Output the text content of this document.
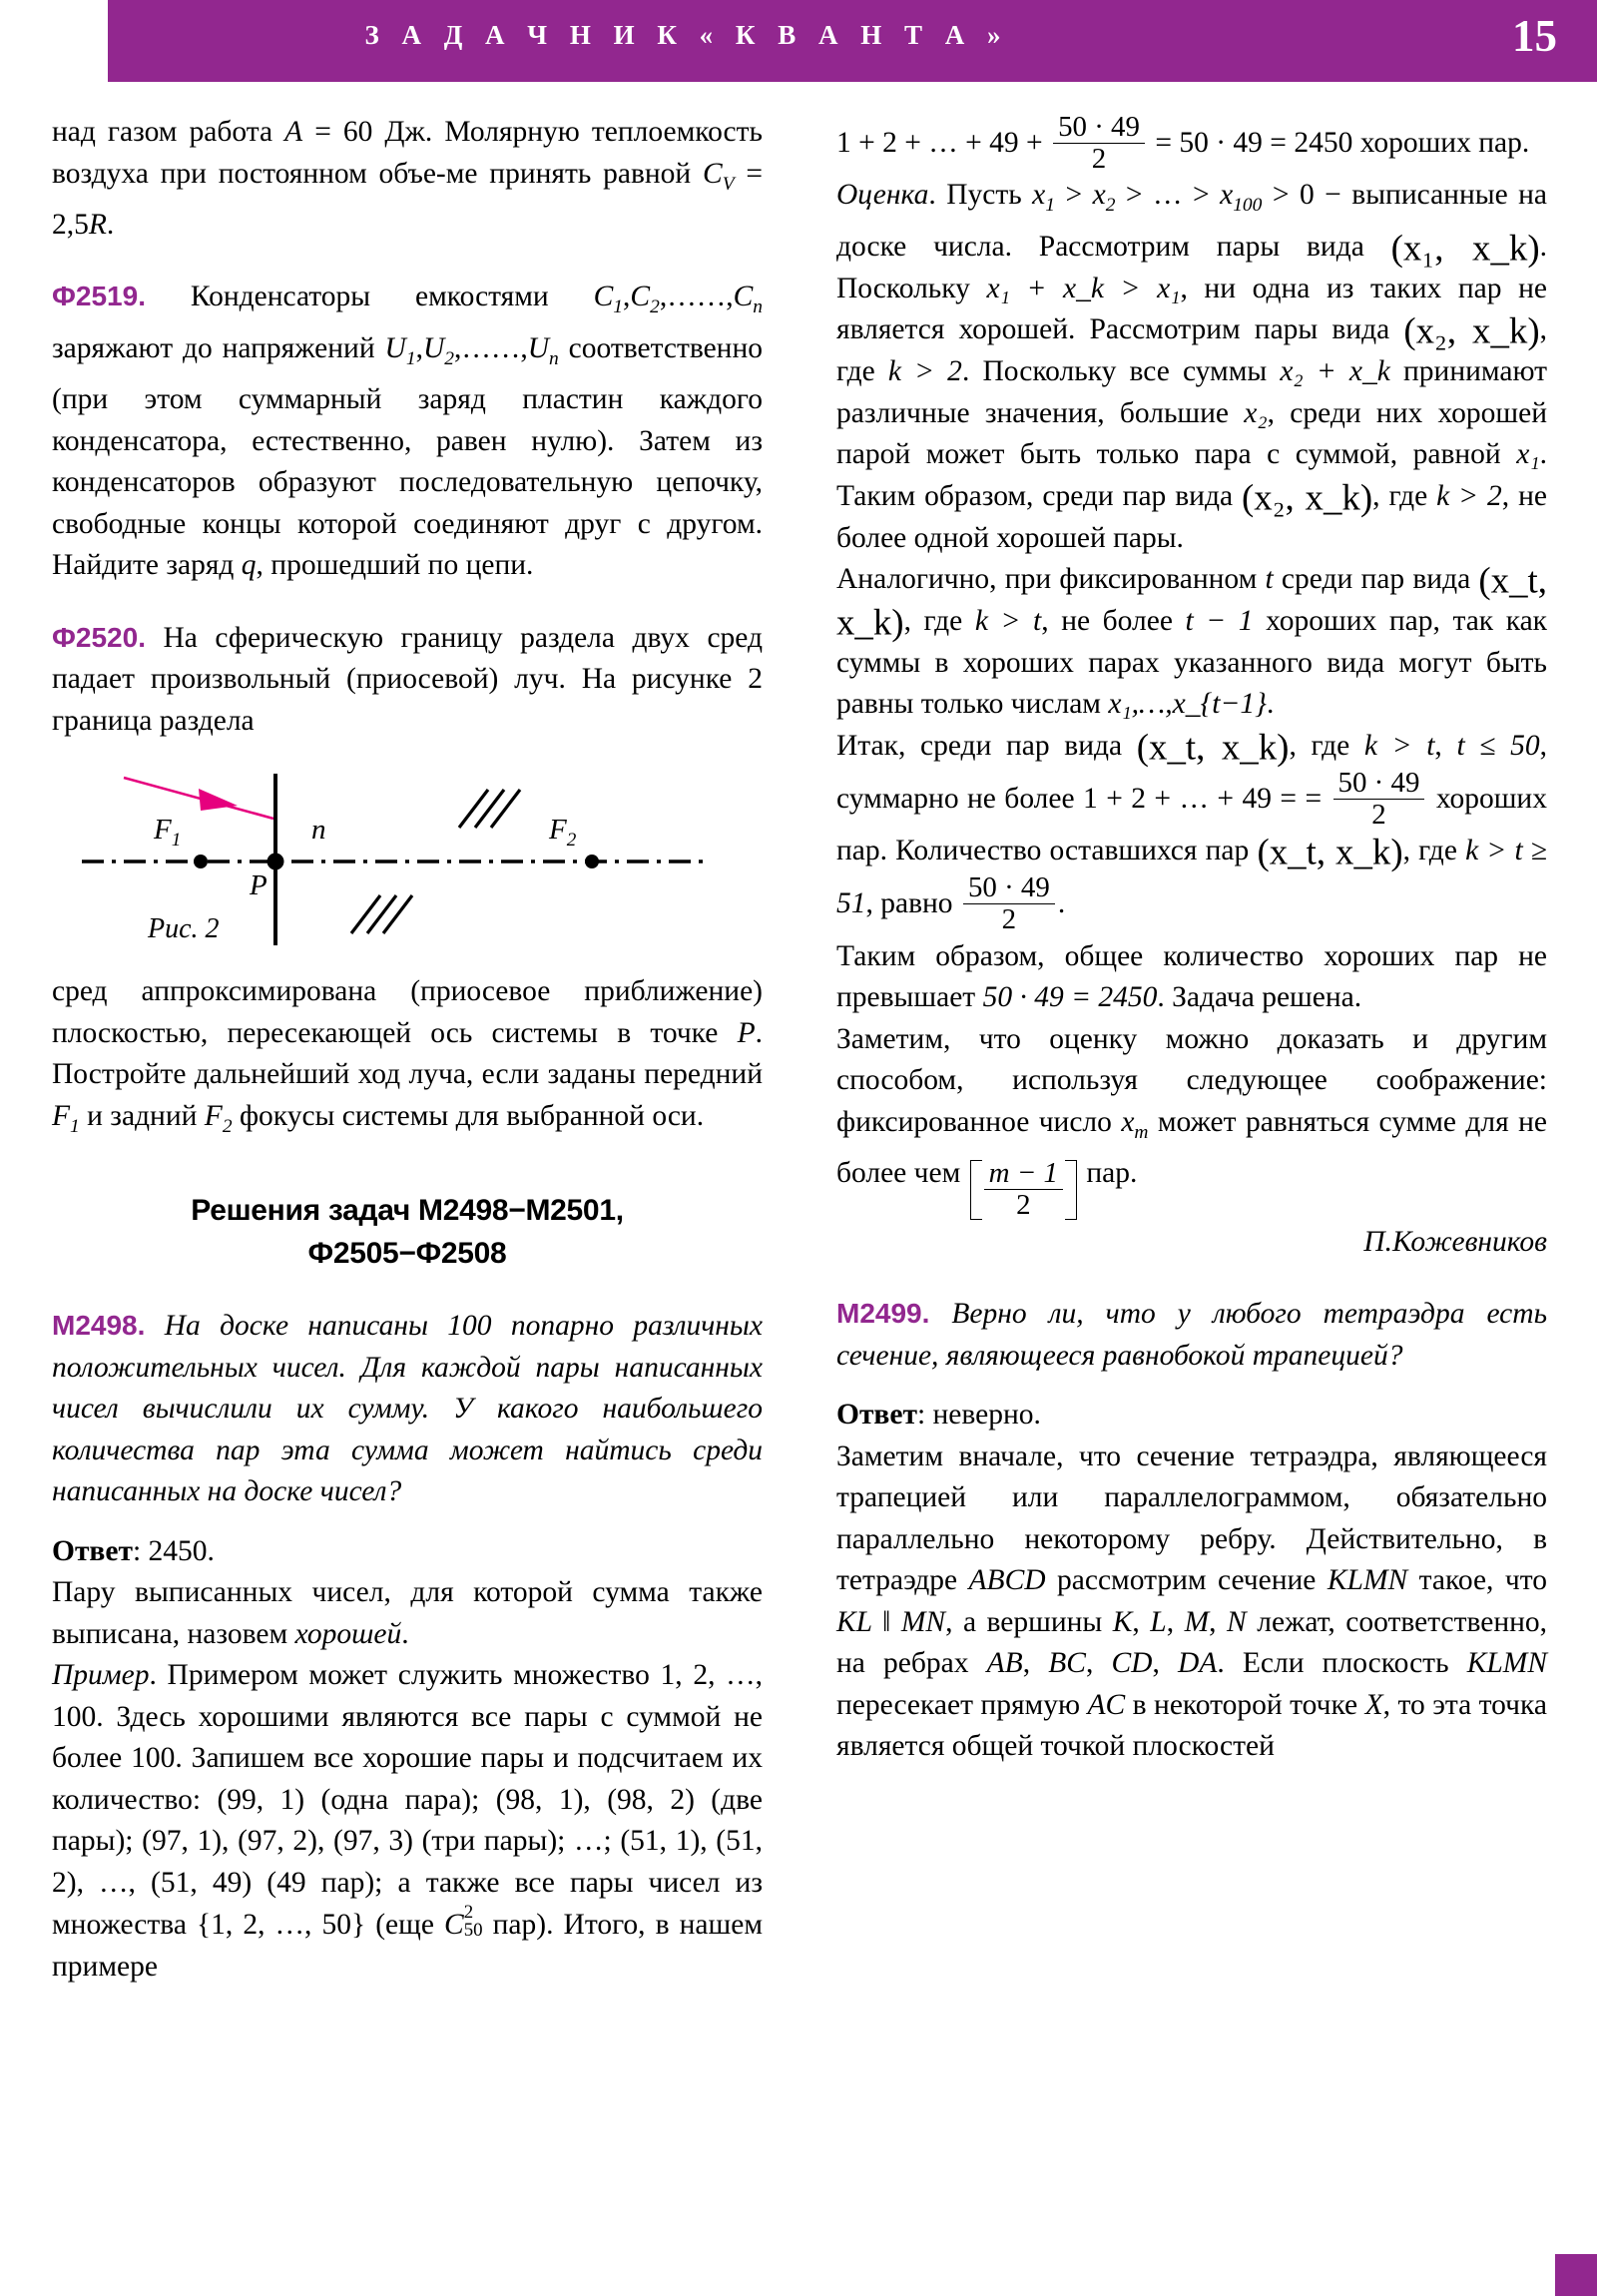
З А Д А Ч Н И К « К В А Н Т А »	15

над газом работа A = 60 Дж. Молярную теплоемкость воздуха при постоянном объе-ме принять равной $C_V = 2,5R$.

Ф2519. Конденсаторы емкостями $C_1,C_2,\dots\dots,C_n$ заряжают до напряжений $U_1,U_2,\dots\dots,U_n$ соответственно (при этом суммарный заряд пластин каждого конденсатора, естественно, равен нулю). Затем из конденсаторов образуют последовательную цепочку, свободные концы которой соединяют друг с другом. Найдите заряд q, прошедший по цепи.

Ф2520. На сферическую границу раздела двух сред падает произвольный (приосевой) луч. На рисунке 2 граница раздела

$F_1$	$F_2$
P
n
Рис. 2

сред аппроксимирована (приосевое приближение) плоскостью, пересекающей ось системы в точке P. Постройте дальнейший ход луча, если заданы передний $F_1$ и задний $F_2$ фокусы системы для выбранной оси.

Решения задач М2498−М2501,
Ф2505−Ф2508

М2498. На доске написаны 100 попарно различных положительных чисел. Для каждой пары написанных чисел вычислили их сумму. У какого наибольшего количества пар эта сумма может найтись среди написанных на доске чисел?

Ответ: 2450.

Пару выписанных чисел, для которой сумма также выписана, назовем хорошей.

Пример. Примером может служить множество 1, 2, …, 100. Здесь хорошими являются все пары с суммой не более 100. Запишем все хорошие пары и подсчитаем их количество: (99, 1) (одна пара); (98, 1), (98, 2) (две пары); (97, 1), (97, 2), (97, 3) (три пары); …; (51, 1), (51, 2), …, (51, 49) (49 пар); а также все пары чисел из множества {1, 2, …, 50} (еще C 2
50 пар). Итого, в нашем примере

1 + 2 + … + $49 + \frac{50 \cdot 49}{2} = 50 \cdot 49 = 2450$ хороших пар.

Оценка. Пусть $x_1 > x_2$ > … > $x_{100} > 0$ − выписанные на доске числа. Рассмотрим пары вида (x₁, x_k). Поскольку x₁ + x_k > x₁, ни одна из таких пар не является хорошей. Рассмотрим пары вида (x₂, x_k), где k > 2. Поскольку все суммы x₂ + x_k принимают различные значения, большие x₂, среди них хорошей парой может быть только пара с суммой, равной x₁. Таким образом, среди пар вида (x₂, x_k), где k > 2, не более одной хорошей пары.

Аналогично, при фиксированном t среди пар вида (x_t, x_k), где k > t, не более t − 1 хороших пар, так как суммы в хороших парах указанного вида могут быть равны только числам x₁,…,x_{t−1}.

Итак, среди пар вида (x_t, x_k), где k > t, t ≤ 50, суммарно не более 1 + 2 + … + 49 = = $\frac{50 \cdot 49}{2}$ хороших пар. Количество оставшихся пар (x_t, x_k), где k > t ≥ 51, равно $\frac{50 \cdot 49}{2}$ .

Таким образом, общее количество хороших пар не превышает 50 · 49 = 2450. Задача решена.

Заметим, что оценку можно доказать и другим способом, используя следующее соображение: фиксированное число $x_m$ может равняться сумме для не более чем $\frac{m - 1}{2}$ пар.

П.Кожевников

М2499. Верно ли, что у любого тетраэдра есть сечение, являющееся равнобокой трапецией?

Ответ: неверно.

Заметим вначале, что сечение тетраэдра, являющееся трапецией или параллелограммом, обязательно параллельно некоторому ребру. Действительно, в тетраэдре ABCD рассмотрим сечение KLMN такое, что KL ‖ MN, а вершины K, L, M, N лежат, соответственно, на ребрах AB, BC, CD, DA. Если плоскость KLMN пересекает прямую AC в некоторой точке X, то эта точка является общей точкой плоскостей
